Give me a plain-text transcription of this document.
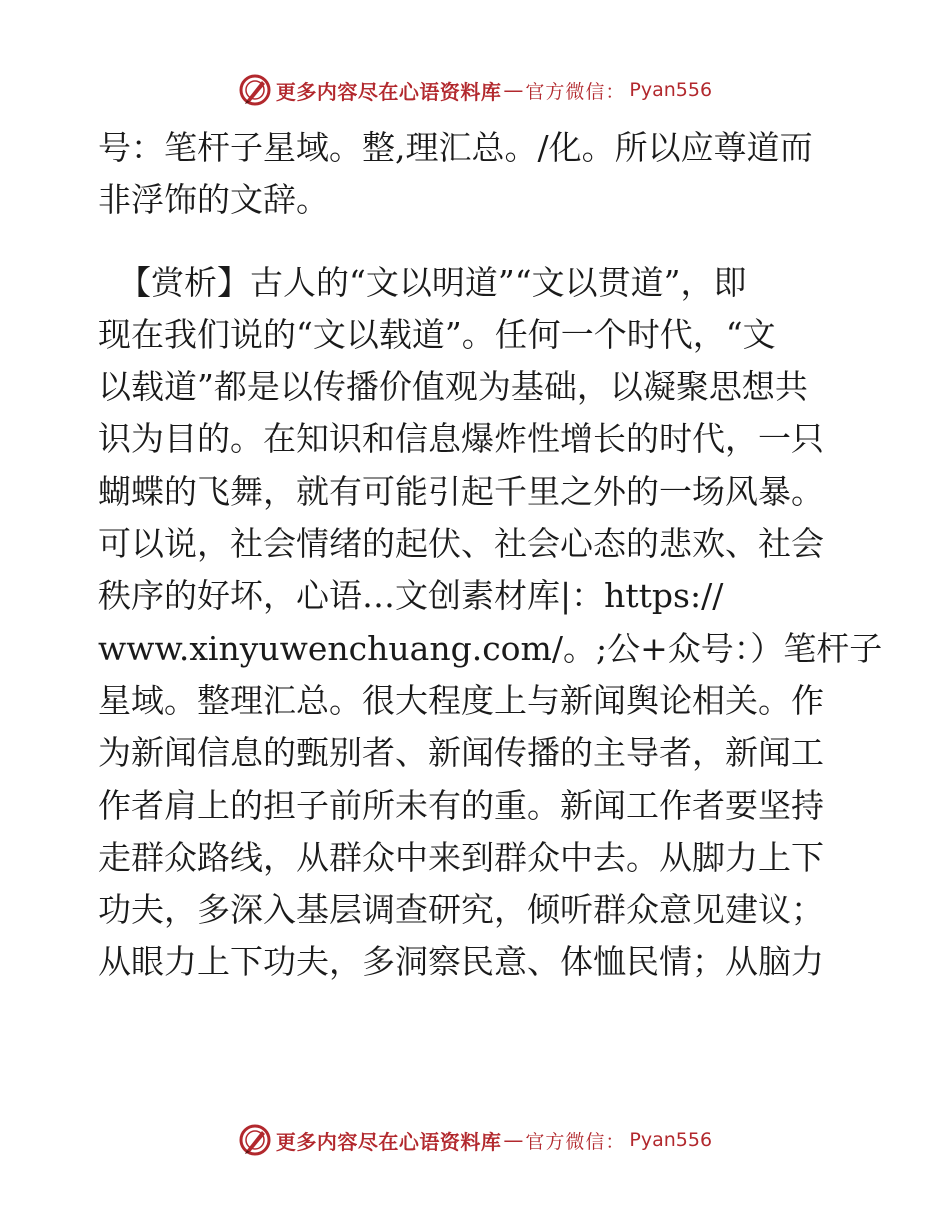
更多内容尽在心语资料库 — 官方微信： Pyan556
号：笔杆子星域。整,理汇总。/化。所以应尊道而
非浮饰的文辞。
【赏析】古人的“文以明道”“文以贯道”，即
现在我们说的“文以载道”。任何一个时代，“文
以载道”都是以传播价值观为基础，以凝聚思想共
识为目的。在知识和信息爆炸性增长的时代，一只
蝴蝶的飞舞，就有可能引起千里之外的一场风暴。
可以说，社会情绪的起伏、社会心态的悲欢、社会
秩序的好坏，心语…文创素材库|：https://
www.xinyuwenchuang.com/。;公+众号：）笔杆子
星域。整理汇总。很大程度上与新闻舆论相关。作
为新闻信息的甄别者、新闻传播的主导者，新闻工
作者肩上的担子前所未有的重。新闻工作者要坚持
走群众路线，从群众中来到群众中去。从脚力上下
功夫，多深入基层调查研究，倾听群众意见建议；
从眼力上下功夫，多洞察民意、体恤民情；从脑力
更多内容尽在心语资料库 — 官方微信： Pyan556
